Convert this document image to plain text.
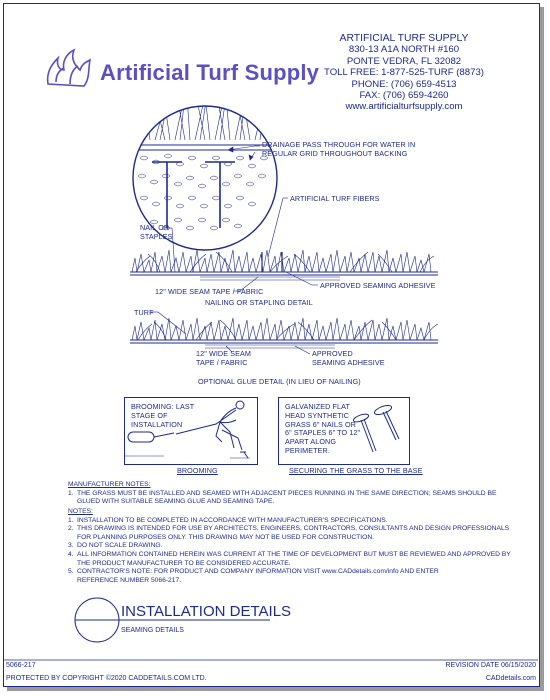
Artificial Turf Supply
ARTIFICIAL TURF SUPPLY
830-13 A1A NORTH #160
PONTE VEDRA, FL 32082
TOLL FREE: 1-877-525-TURF (8873)
PHONE: (706) 659-4513
FAX: (706) 659-4260
www.artificialturfsupply.com
DRAINAGE PASS THROUGH FOR WATER IN
REGULAR GRID THROUGHOUT BACKING
ARTIFICIAL TURF FIBERS
NAIL OR
STAPLES
APPROVED SEAMING ADHESIVE
12" WIDE SEAM TAPE / FABRIC
NAILING OR STAPLING DETAIL
TURF
12" WIDE SEAM
TAPE / FABRIC
APPROVED
SEAMING ADHESIVE
OPTIONAL GLUE DETAIL (IN LIEU OF NAILING)
BROOMING: LAST
STAGE OF
INSTALLATION
BROOMING
GALVANIZED FLAT
HEAD SYNTHETIC
GRASS 6" NAILS OR
6" STAPLES 6" TO 12"
APART ALONG
PERIMETER.
SECURING THE GRASS TO THE BASE
MANUFACTURER NOTES:
1. THE GRASS MUST BE INSTALLED AND SEAMED WITH ADJACENT PIECES RUNNING IN THE SAME DIRECTION; SEAMS SHOULD BE
GLUED WITH SUITABLE SEAMING GLUE AND SEAMING TAPE.
NOTES:
1. INSTALLATION TO BE COMPLETED IN ACCORDANCE WITH MANUFACTURER'S SPECIFICATIONS.
2. THIS DRAWING IS INTENDED FOR USE BY ARCHITECTS, ENGINEERS, CONTRACTORS, CONSULTANTS AND DESIGN PROFESSIONALS
FOR PLANNING PURPOSES ONLY. THIS DRAWING MAY NOT BE USED FOR CONSTRUCTION.
3. DO NOT SCALE DRAWING.
4. ALL INFORMATION CONTAINED HEREIN WAS CURRENT AT THE TIME OF DEVELOPMENT BUT MUST BE REVIEWED AND APPROVED BY
THE PRODUCT MANUFACTURER TO BE CONSIDERED ACCURATE.
5. CONTRACTOR'S NOTE: FOR PRODUCT AND COMPANY INFORMATION VISIT www.CADdetails.com/info AND ENTER
REFERENCE NUMBER 5066-217.
INSTALLATION DETAILS
SEAMING DETAILS
5066-217	REVISION DATE 06/15/2020
PROTECTED BY COPYRIGHT ©2020 CADDETAILS.COM LTD.	CADdetails.com
